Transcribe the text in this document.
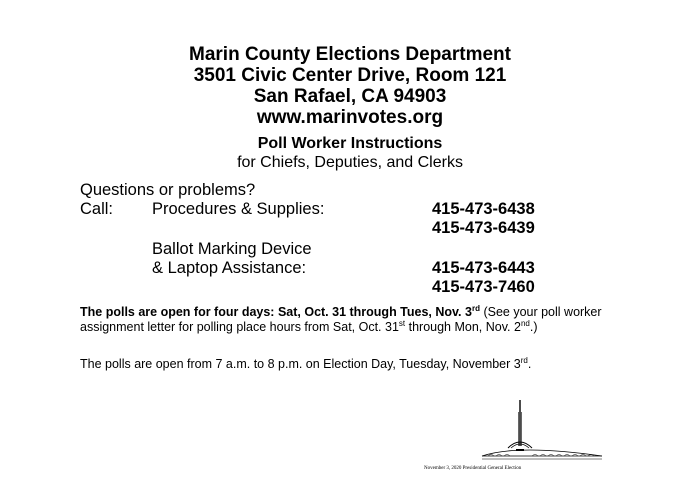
Marin County Elections Department
3501 Civic Center Drive, Room 121
San Rafael, CA 94903
www.marinvotes.org
Poll Worker Instructions
for Chiefs, Deputies, and Clerks
Questions or problems?
Call: Procedures & Supplies:	415-473-6438
415-473-6439
Ballot Marking Device
& Laptop Assistance:	415-473-6443
415-473-7460
The polls are open for four days: Sat, Oct. 31 through Tues, Nov. 3rd (See your poll worker assignment letter for polling place hours from Sat, Oct. 31st through Mon, Nov. 2nd.)
The polls are open from 7 a.m. to 8 p.m. on Election Day, Tuesday, November 3rd.
November 3, 2020 Presidential General Election
